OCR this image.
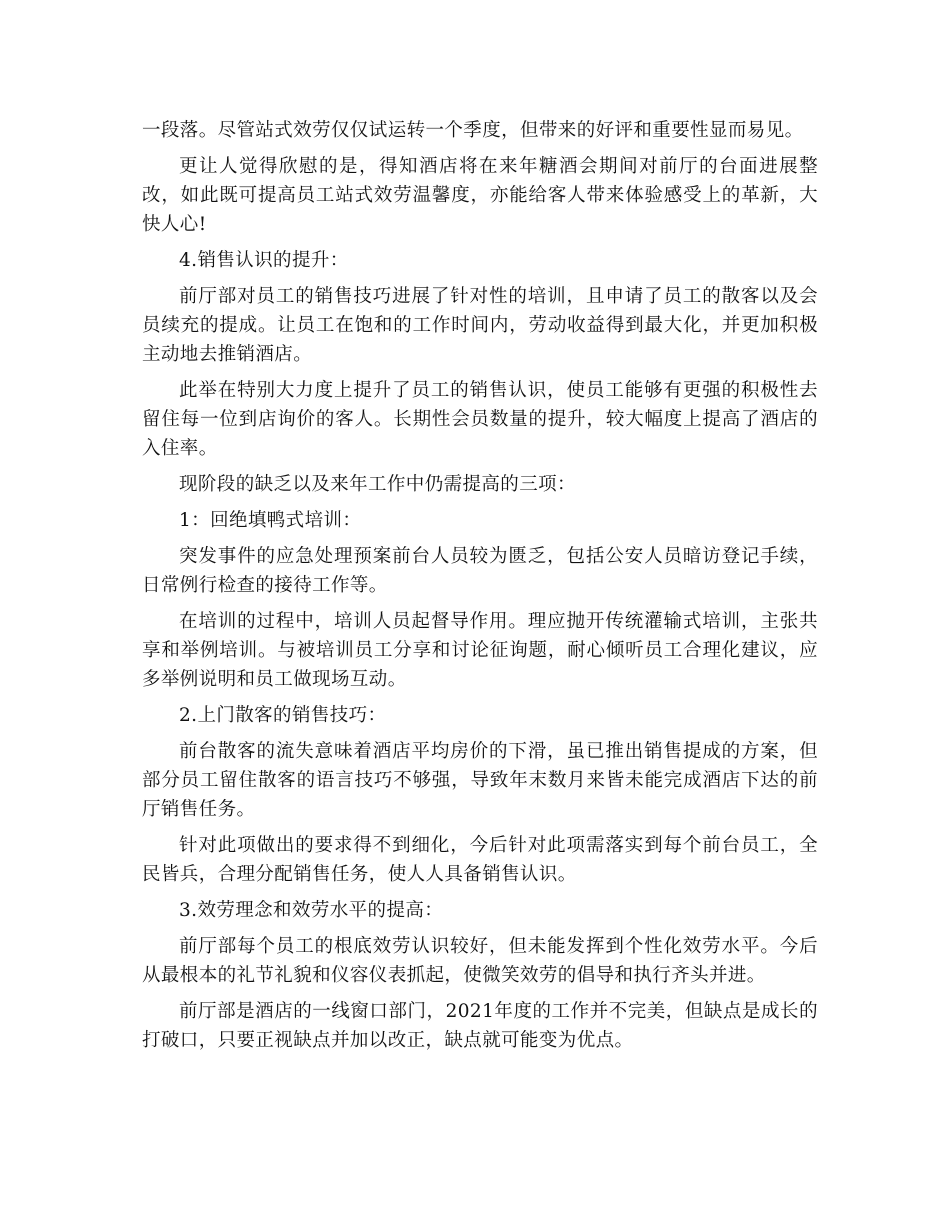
一段落。尽管站式效劳仅仅试运转一个季度，但带来的好评和重要性显而易见。

更让人觉得欣慰的是，得知酒店将在来年糖酒会期间对前厅的台面进展整改，如此既可提高员工站式效劳温馨度，亦能给客人带来体验感受上的革新，大快人心!

4.销售认识的提升：

前厅部对员工的销售技巧进展了针对性的培训，且申请了员工的散客以及会员续充的提成。让员工在饱和的工作时间内，劳动收益得到最大化，并更加积极主动地去推销酒店。

此举在特别大力度上提升了员工的销售认识，使员工能够有更强的积极性去留住每一位到店询价的客人。长期性会员数量的提升，较大幅度上提高了酒店的入住率。

现阶段的缺乏以及来年工作中仍需提高的三项：

1：回绝填鸭式培训：

突发事件的应急处理预案前台人员较为匮乏，包括公安人员暗访登记手续，日常例行检查的接待工作等。

在培训的过程中，培训人员起督导作用。理应抛开传统灌输式培训，主张共享和举例培训。与被培训员工分享和讨论征询题，耐心倾听员工合理化建议，应多举例说明和员工做现场互动。

2.上门散客的销售技巧：

前台散客的流失意味着酒店平均房价的下滑，虽已推出销售提成的方案，但部分员工留住散客的语言技巧不够强，导致年末数月来皆未能完成酒店下达的前厅销售任务。

针对此项做出的要求得不到细化，今后针对此项需落实到每个前台员工，全民皆兵，合理分配销售任务，使人人具备销售认识。

3.效劳理念和效劳水平的提高：

前厅部每个员工的根底效劳认识较好，但未能发挥到个性化效劳水平。今后从最根本的礼节礼貌和仪容仪表抓起，使微笑效劳的倡导和执行齐头并进。

前厅部是酒店的一线窗口部门，2021年度的工作并不完美，但缺点是成长的打破口，只要正视缺点并加以改正，缺点就可能变为优点。
